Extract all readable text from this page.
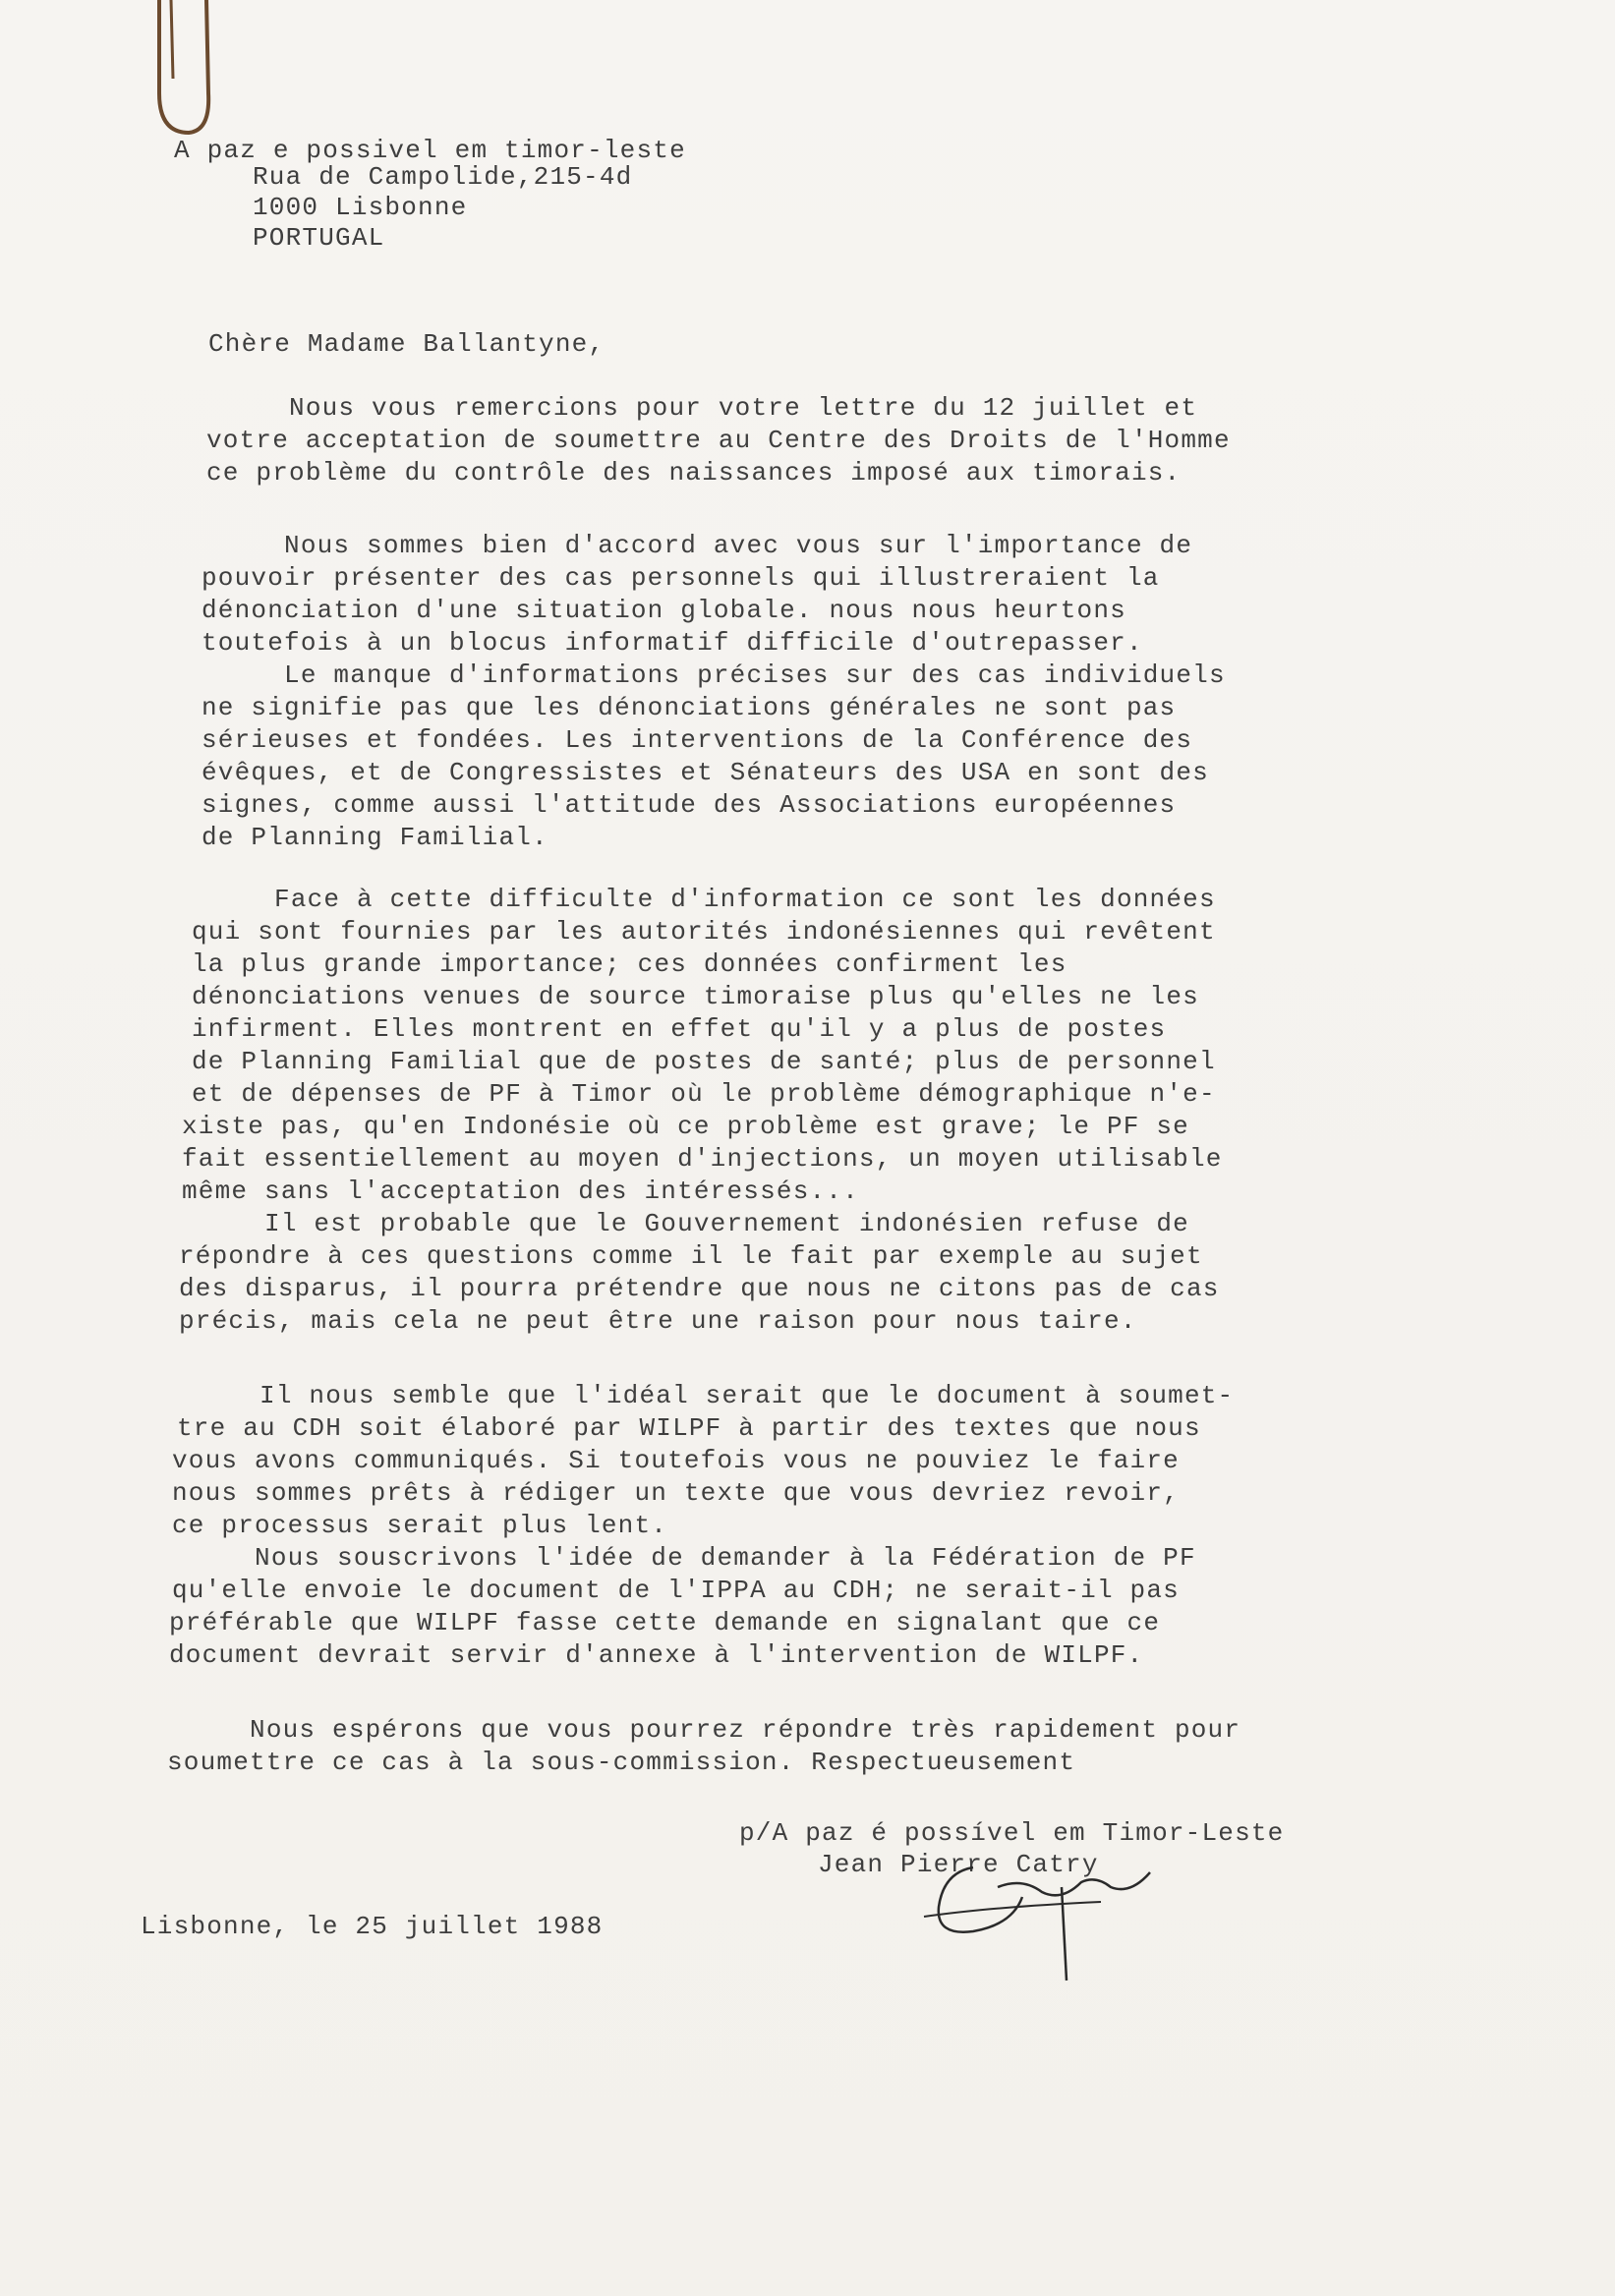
A paz e possivel em timor-leste
Rua de Campolide,215-4d
1000 Lisbonne
PORTUGAL
Chère Madame Ballantyne,
Nous vous remercions pour votre lettre du 12 juillet et
votre acceptation de soumettre au Centre des Droits de l'Homme
ce problème du contrôle des naissances imposé aux timorais.
Nous sommes bien d'accord avec vous sur l'importance de
pouvoir présenter des cas personnels qui illustreraient la
dénonciation d'une situation globale. nous nous heurtons
toutefois à un blocus informatif difficile d'outrepasser.
Le manque d'informations précises sur des cas individuels
ne signifie pas que les dénonciations générales ne sont pas
sérieuses et fondées. Les interventions de la Conférence des
évêques, et de Congressistes et Sénateurs des USA en sont des
signes, comme aussi l'attitude des Associations européennes
de Planning Familial.
Face à cette difficulte d'information ce sont les données
qui sont fournies par les autorités indonésiennes qui revêtent
la plus grande importance; ces données confirment les
dénonciations venues de source timoraise plus qu'elles ne les
infirment. Elles montrent en effet qu'il y a plus de postes
de Planning Familial que de postes de santé; plus de personnel
et de dépenses de PF à Timor où le problème démographique n'e-
xiste pas, qu'en Indonésie où ce problème est grave; le PF se
fait essentiellement au moyen d'injections, un moyen utilisable
même sans l'acceptation des intéressés...
Il est probable que le Gouvernement indonésien refuse de
répondre à ces questions comme il le fait par exemple au sujet
des disparus, il pourra prétendre que nous ne citons pas de cas
précis, mais cela ne peut être une raison pour nous taire.
Il nous semble que l'idéal serait que le document à soumet-
tre au CDH soit élaboré par WILPF à partir des textes que nous
vous avons communiqués. Si toutefois vous ne pouviez le faire
nous sommes prêts à rédiger un texte que vous devriez revoir,
ce processus serait plus lent.
Nous souscrivons l'idée de demander à la Fédération de PF
qu'elle envoie le document de l'IPPA au CDH; ne serait-il pas
préférable que WILPF fasse cette demande en signalant que ce
document devrait servir d'annexe à l'intervention de WILPF.
Nous espérons que vous pourrez répondre très rapidement pour
soumettre ce cas à la sous-commission. Respectueusement
p/A paz é possível em Timor-Leste
Jean Pierre Catry
Lisbonne, le 25 juillet 1988
